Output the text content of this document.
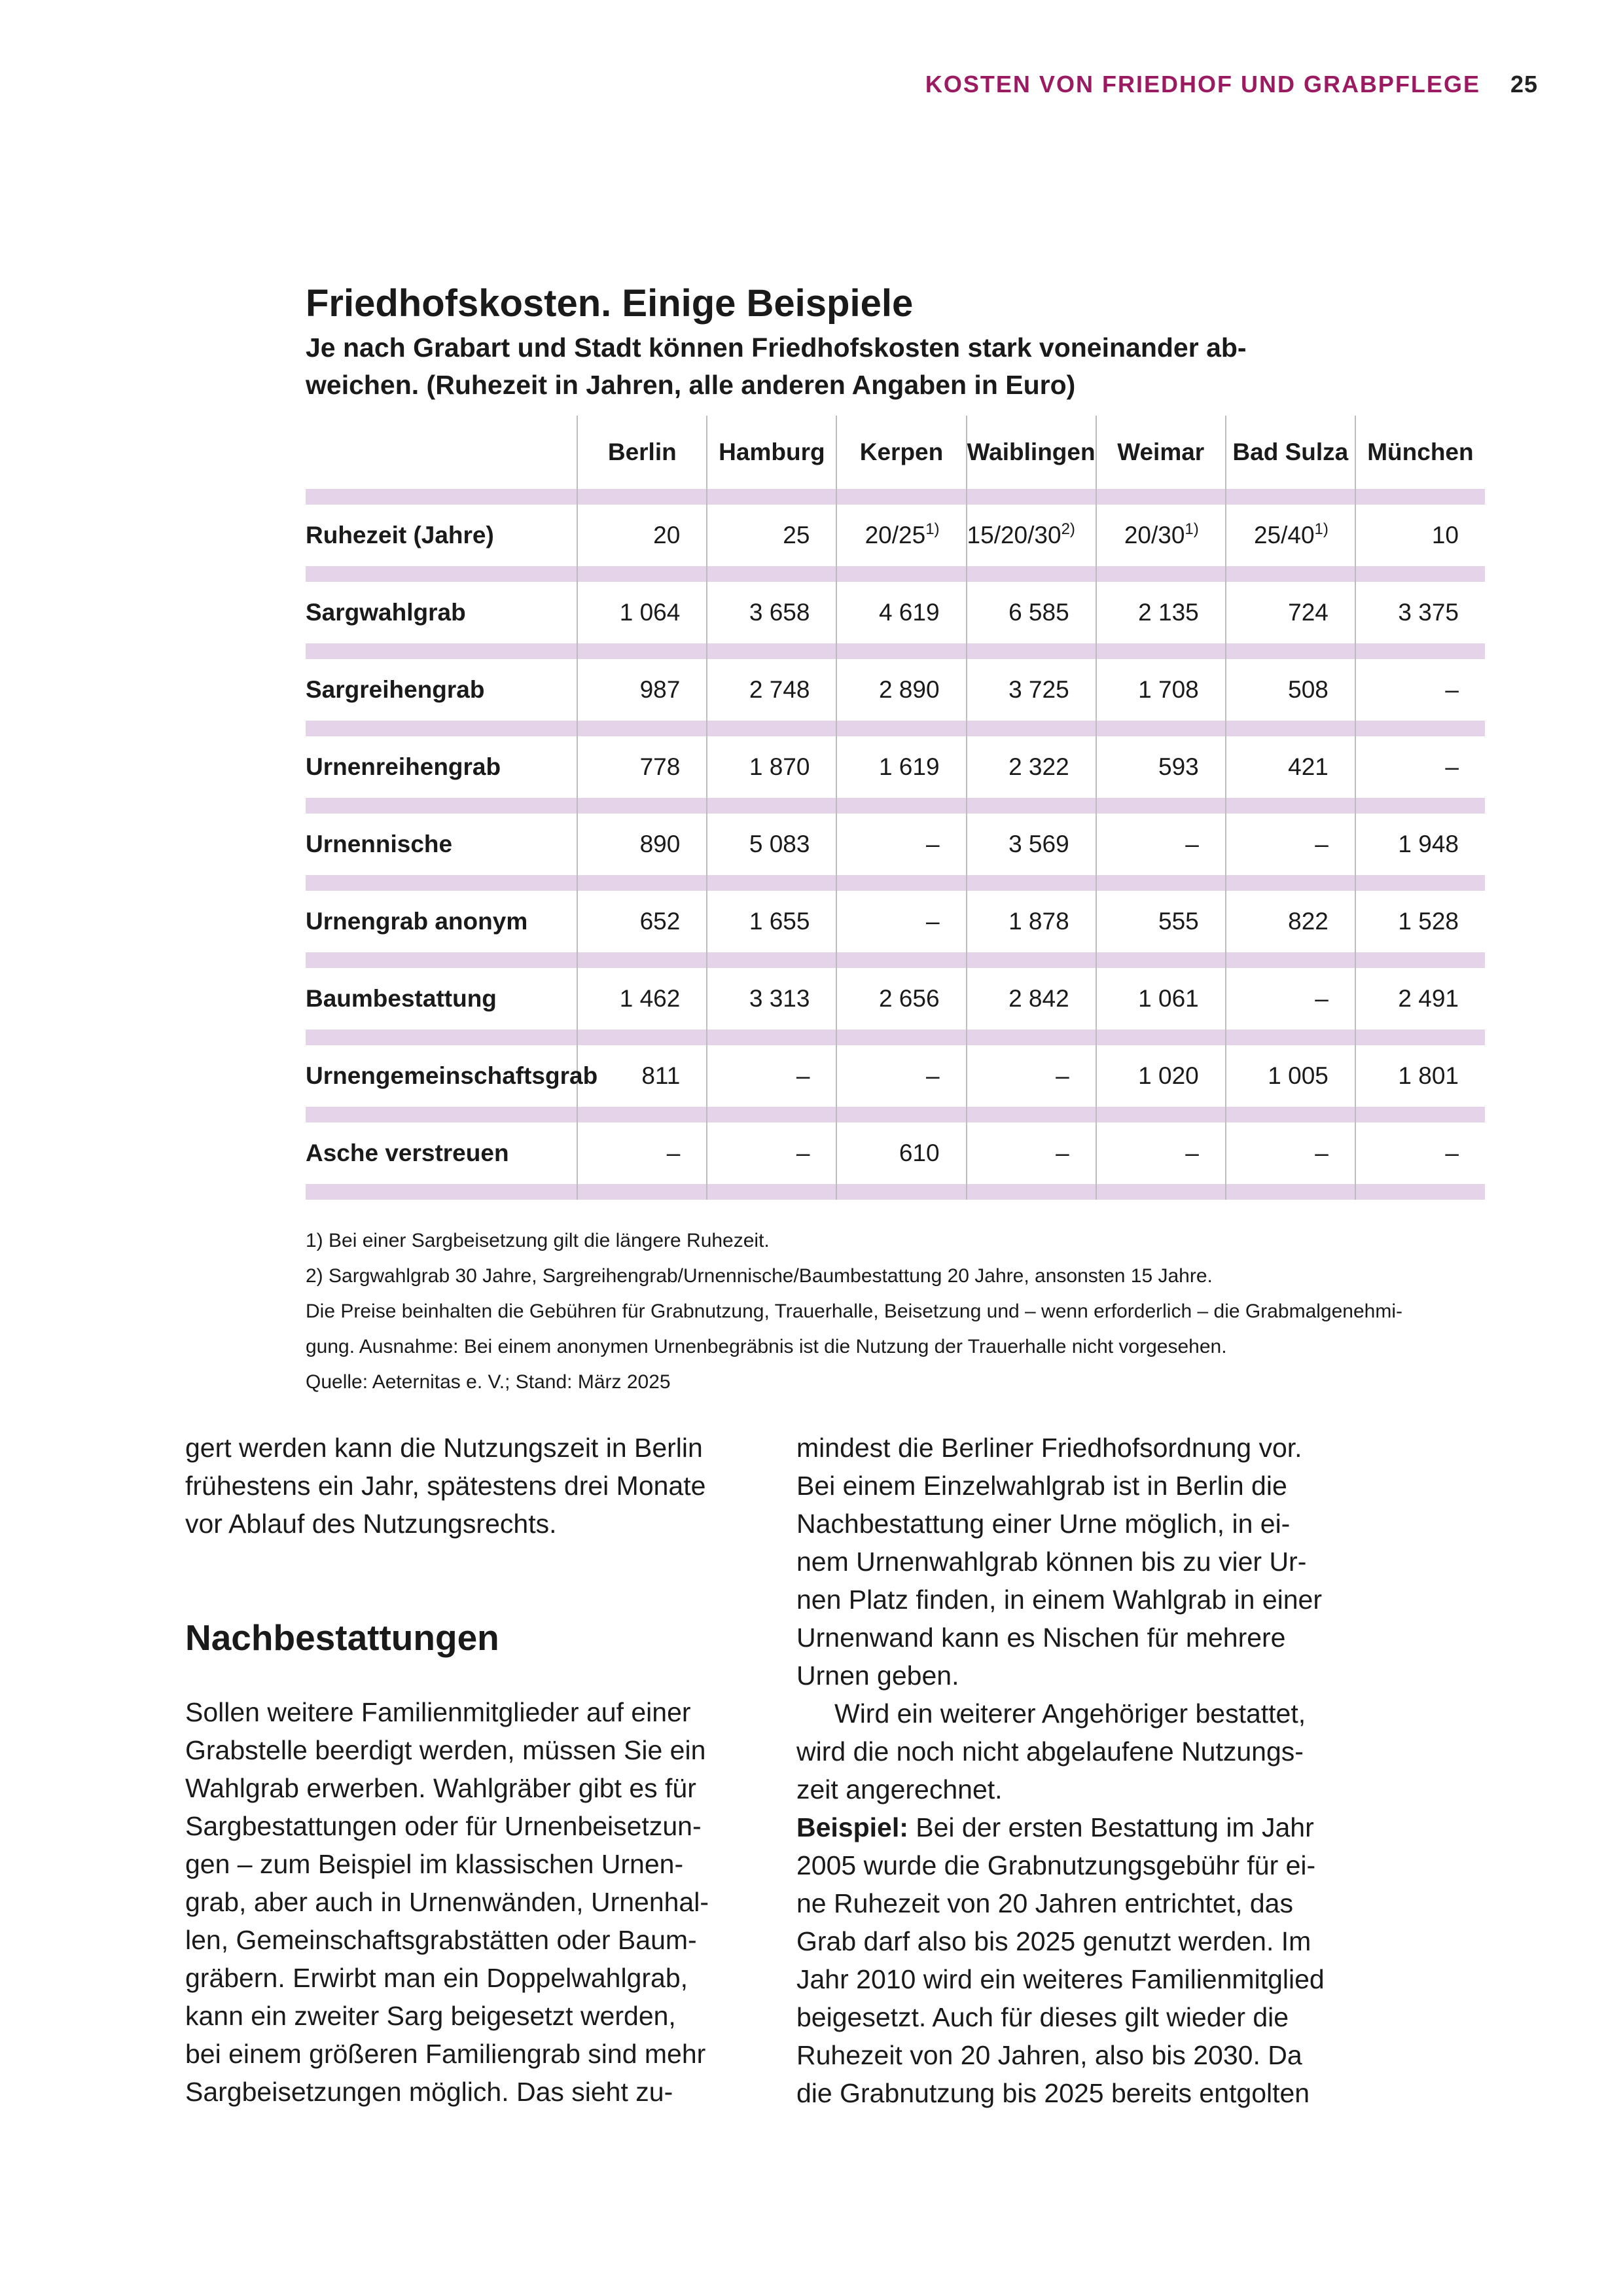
KOSTEN VON FRIEDHOF UND GRABPFLEGE 25
Friedhofskosten. Einige Beispiele
Je nach Grabart und Stadt können Friedhofskosten stark voneinander ab-
weichen. (Ruhezeit in Jahren, alle anderen Angaben in Euro)
	Berlin	Hamburg	Kerpen	Waiblingen	Weimar	Bad Sulza	München

Ruhezeit (Jahre)	20	25	20/25$^{1)}$	15/20/30$^{2)}$	20/30$^{1)}$	25/40$^{1)}$	10

Sargwahlgrab	1 064	3 658	4 619	6 585	2 135	724	3 375

Sargreihengrab	987	2 748	2 890	3 725	1 708	508	–

Urnenreihengrab	778	1 870	1 619	2 322	593	421	–

Urnennische	890	5 083	–	3 569	–	–	1 948

Urnengrab anonym	652	1 655	–	1 878	555	822	1 528

Baumbestattung	1 462	3 313	2 656	2 842	1 061	–	2 491

Urnengemeinschaftsgrab	811	–	–	–	1 020	1 005	1 801

Asche verstreuen	–	–	610	–	–	–	–

1) Bei einer Sargbeisetzung gilt die längere Ruhezeit.
2) Sargwahlgrab 30 Jahre, Sargreihengrab/Urnennische/Baumbestattung 20 Jahre, ansonsten 15 Jahre.
Die Preise beinhalten die Gebühren für Grabnutzung, Trauerhalle, Beisetzung und – wenn erforderlich – die Grabmalgenehmi-
gung. Ausnahme: Bei einem anonymen Urnenbegräbnis ist die Nutzung der Trauerhalle nicht vorgesehen.
Quelle: Aeternitas e. V.; Stand: März 2025

gert werden kann die Nutzungszeit in Berlin
frühestens ein Jahr, spätestens drei Monate
vor Ablauf des Nutzungsrechts.

Nachbestattungen

Sollen weitere Familienmitglieder auf einer
Grabstelle beerdigt werden, müssen Sie ein
Wahlgrab erwerben. Wahlgräber gibt es für
Sargbestattungen oder für Urnenbeisetzun-
gen – zum Beispiel im klassischen Urnen-
grab, aber auch in Urnenwänden, Urnenhal-
len, Gemeinschaftsgrabstätten oder Baum-
gräbern. Erwirbt man ein Doppelwahlgrab,
kann ein zweiter Sarg beigesetzt werden,
bei einem größeren Familiengrab sind mehr
Sargbeisetzungen möglich. Das sieht zu-

mindest die Berliner Friedhofsordnung vor.
Bei einem Einzelwahlgrab ist in Berlin die
Nachbestattung einer Urne möglich, in ei-
nem Urnenwahlgrab können bis zu vier Ur-
nen Platz finden, in einem Wahlgrab in einer
Urnenwand kann es Nischen für mehrere
Urnen geben.

Wird ein weiterer Angehöriger bestattet,
wird die noch nicht abgelaufene Nutzungs-
zeit angerechnet.

Beispiel: Bei der ersten Bestattung im Jahr
2005 wurde die Grabnutzungsgebühr für ei-
ne Ruhezeit von 20 Jahren entrichtet, das
Grab darf also bis 2025 genutzt werden. Im
Jahr 2010 wird ein weiteres Familienmitglied
beigesetzt. Auch für dieses gilt wieder die
Ruhezeit von 20 Jahren, also bis 2030. Da
die Grabnutzung bis 2025 bereits entgolten
